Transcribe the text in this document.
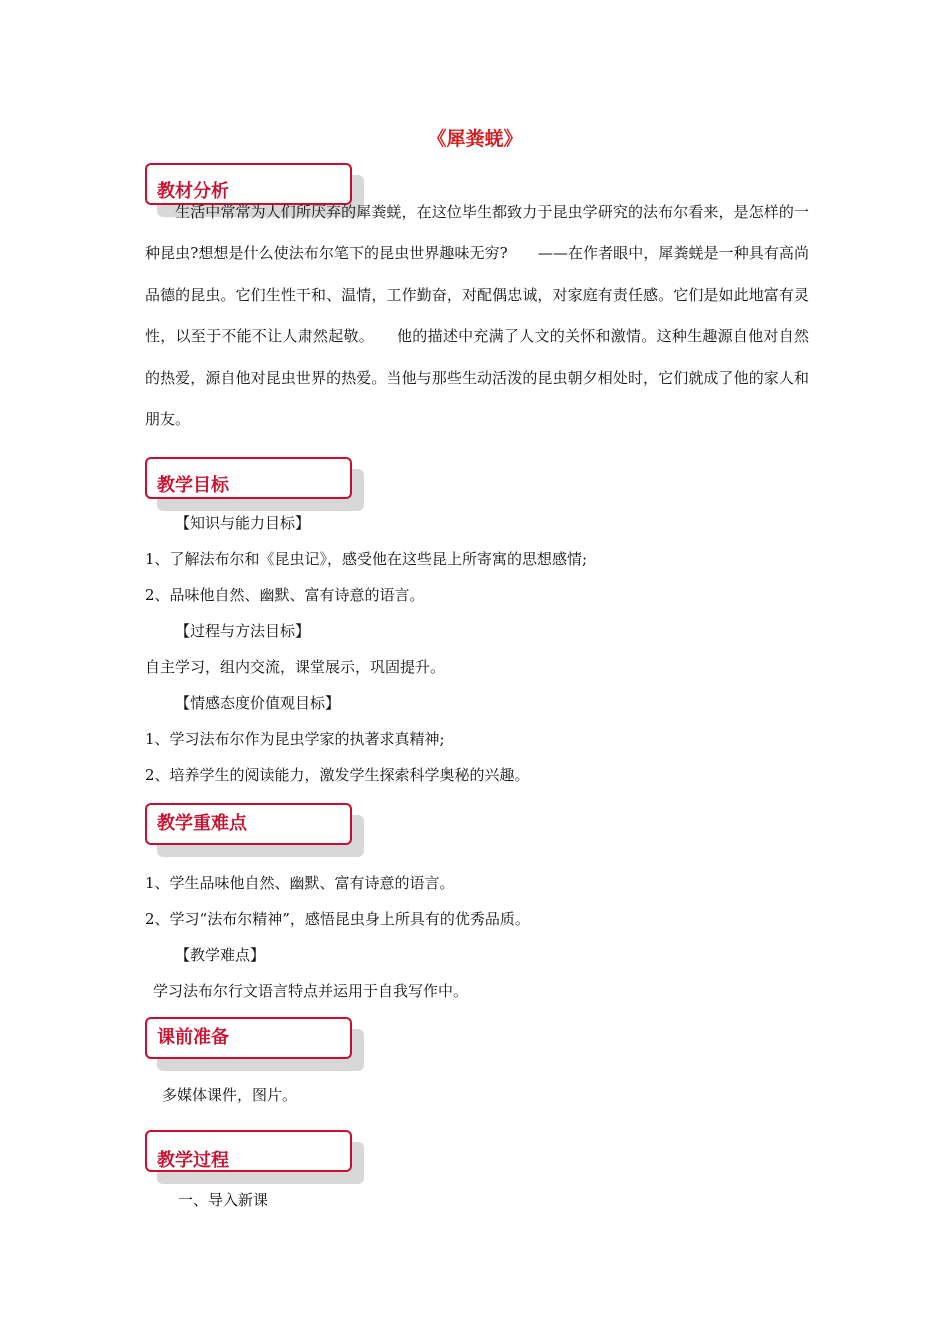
《犀粪蜣》
教材分析
生活中常常为人们所厌弃的犀粪蜣，在这位毕生都致力于昆虫学研究的法布尔看来，是怎样的一种昆虫?想想是什么使法布尔笔下的昆虫世界趣味无穷?　　——在作者眼中，犀粪蜣是一种具有高尚品德的昆虫。它们生性干和、温情，工作勤奋，对配偶忠诚，对家庭有责任感。它们是如此地富有灵性，以至于不能不让人肃然起敬。　　他的描述中充满了人文的关怀和激情。这种生趣源自他对自然的热爱，源自他对昆虫世界的热爱。当他与那些生动活泼的昆虫朝夕相处时，它们就成了他的家人和朋友。
教学目标
【知识与能力目标】
1、了解法布尔和《昆虫记》，感受他在这些昆上所寄寓的思想感情;
2、品味他自然、幽默、富有诗意的语言。
【过程与方法目标】
自主学习，组内交流，课堂展示，巩固提升。
【情感态度价值观目标】
1、学习法布尔作为昆虫学家的执著求真精神;
2、培养学生的阅读能力，激发学生探索科学奥秘的兴趣。
教学重难点
1、学生品味他自然、幽默、富有诗意的语言。
2、学习“法布尔精神”，感悟昆虫身上所具有的优秀品质。
【教学难点】
学习法布尔行文语言特点并运用于自我写作中。
课前准备
多媒体课件，图片。
教学过程
一、导入新课
